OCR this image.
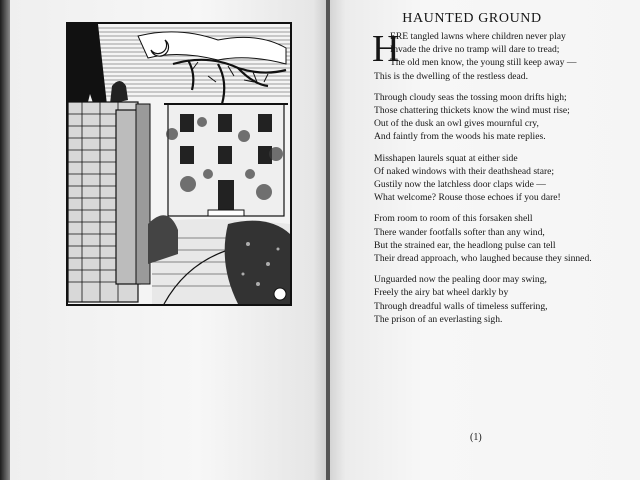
HAUNTED GROUND
H

ERE tangled lawns where children never play
Invade the drive no tramp will dare to tread;
The old men know, the young still keep away —
This is the dwelling of the restless dead.

Through cloudy seas the tossing moon drifts high;
Those chattering thickets know the wind must rise;
Out of the dusk an owl gives mournful cry,
And faintly from the woods his mate replies.

Misshapen laurels squat at either side
Of naked windows with their deathshead stare;
Gustily now the latchless door claps wide —
What welcome? Rouse those echoes if you dare!

From room to room of this forsaken shell
There wander footfalls softer than any wind,
But the strained ear, the headlong pulse can tell
Their dread approach, who laughed because they sinned.

Unguarded now the pealing door may swing,
Freely the airy bat wheel darkly by
Through dreadful walls of timeless suffering,
The prison of an everlasting sigh.

(1)
